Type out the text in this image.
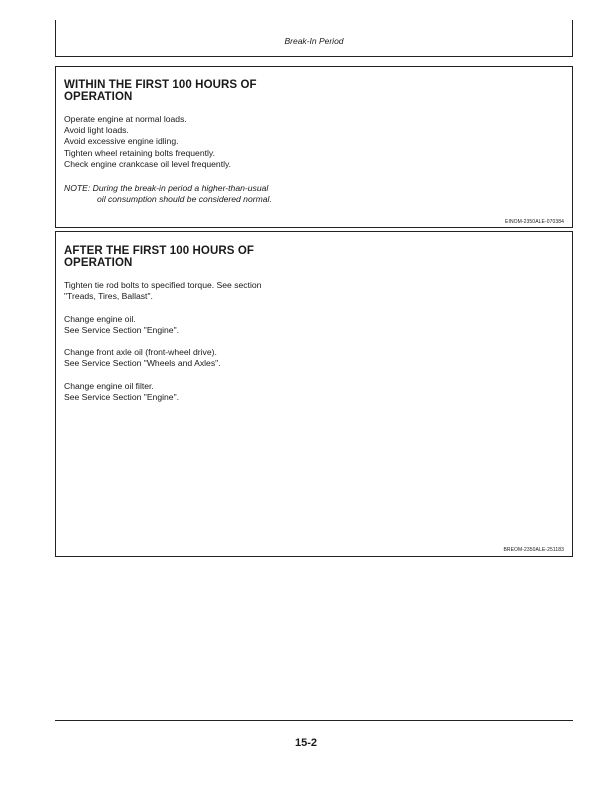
Break-In Period
WITHIN THE FIRST 100 HOURS OF
OPERATION
Operate engine at normal loads.
Avoid light loads.
Avoid excessive engine idling.
Tighten wheel retaining bolts frequently.
Check engine crankcase oil level frequently.
NOTE: During the break-in period a higher-than-usual
oil consumption should be considered normal.
EINOM-2350ALE-070384
AFTER THE FIRST 100 HOURS OF
OPERATION
Tighten tie rod bolts to specified torque. See section
"Treads, Tires, Ballast".
Change engine oil.
See Service Section "Engine".
Change front axle oil (front-wheel drive).
See Service Section "Wheels and Axles".
Change engine oil filter.
See Service Section "Engine".
BREOM-2350ALE-251183
15-2
